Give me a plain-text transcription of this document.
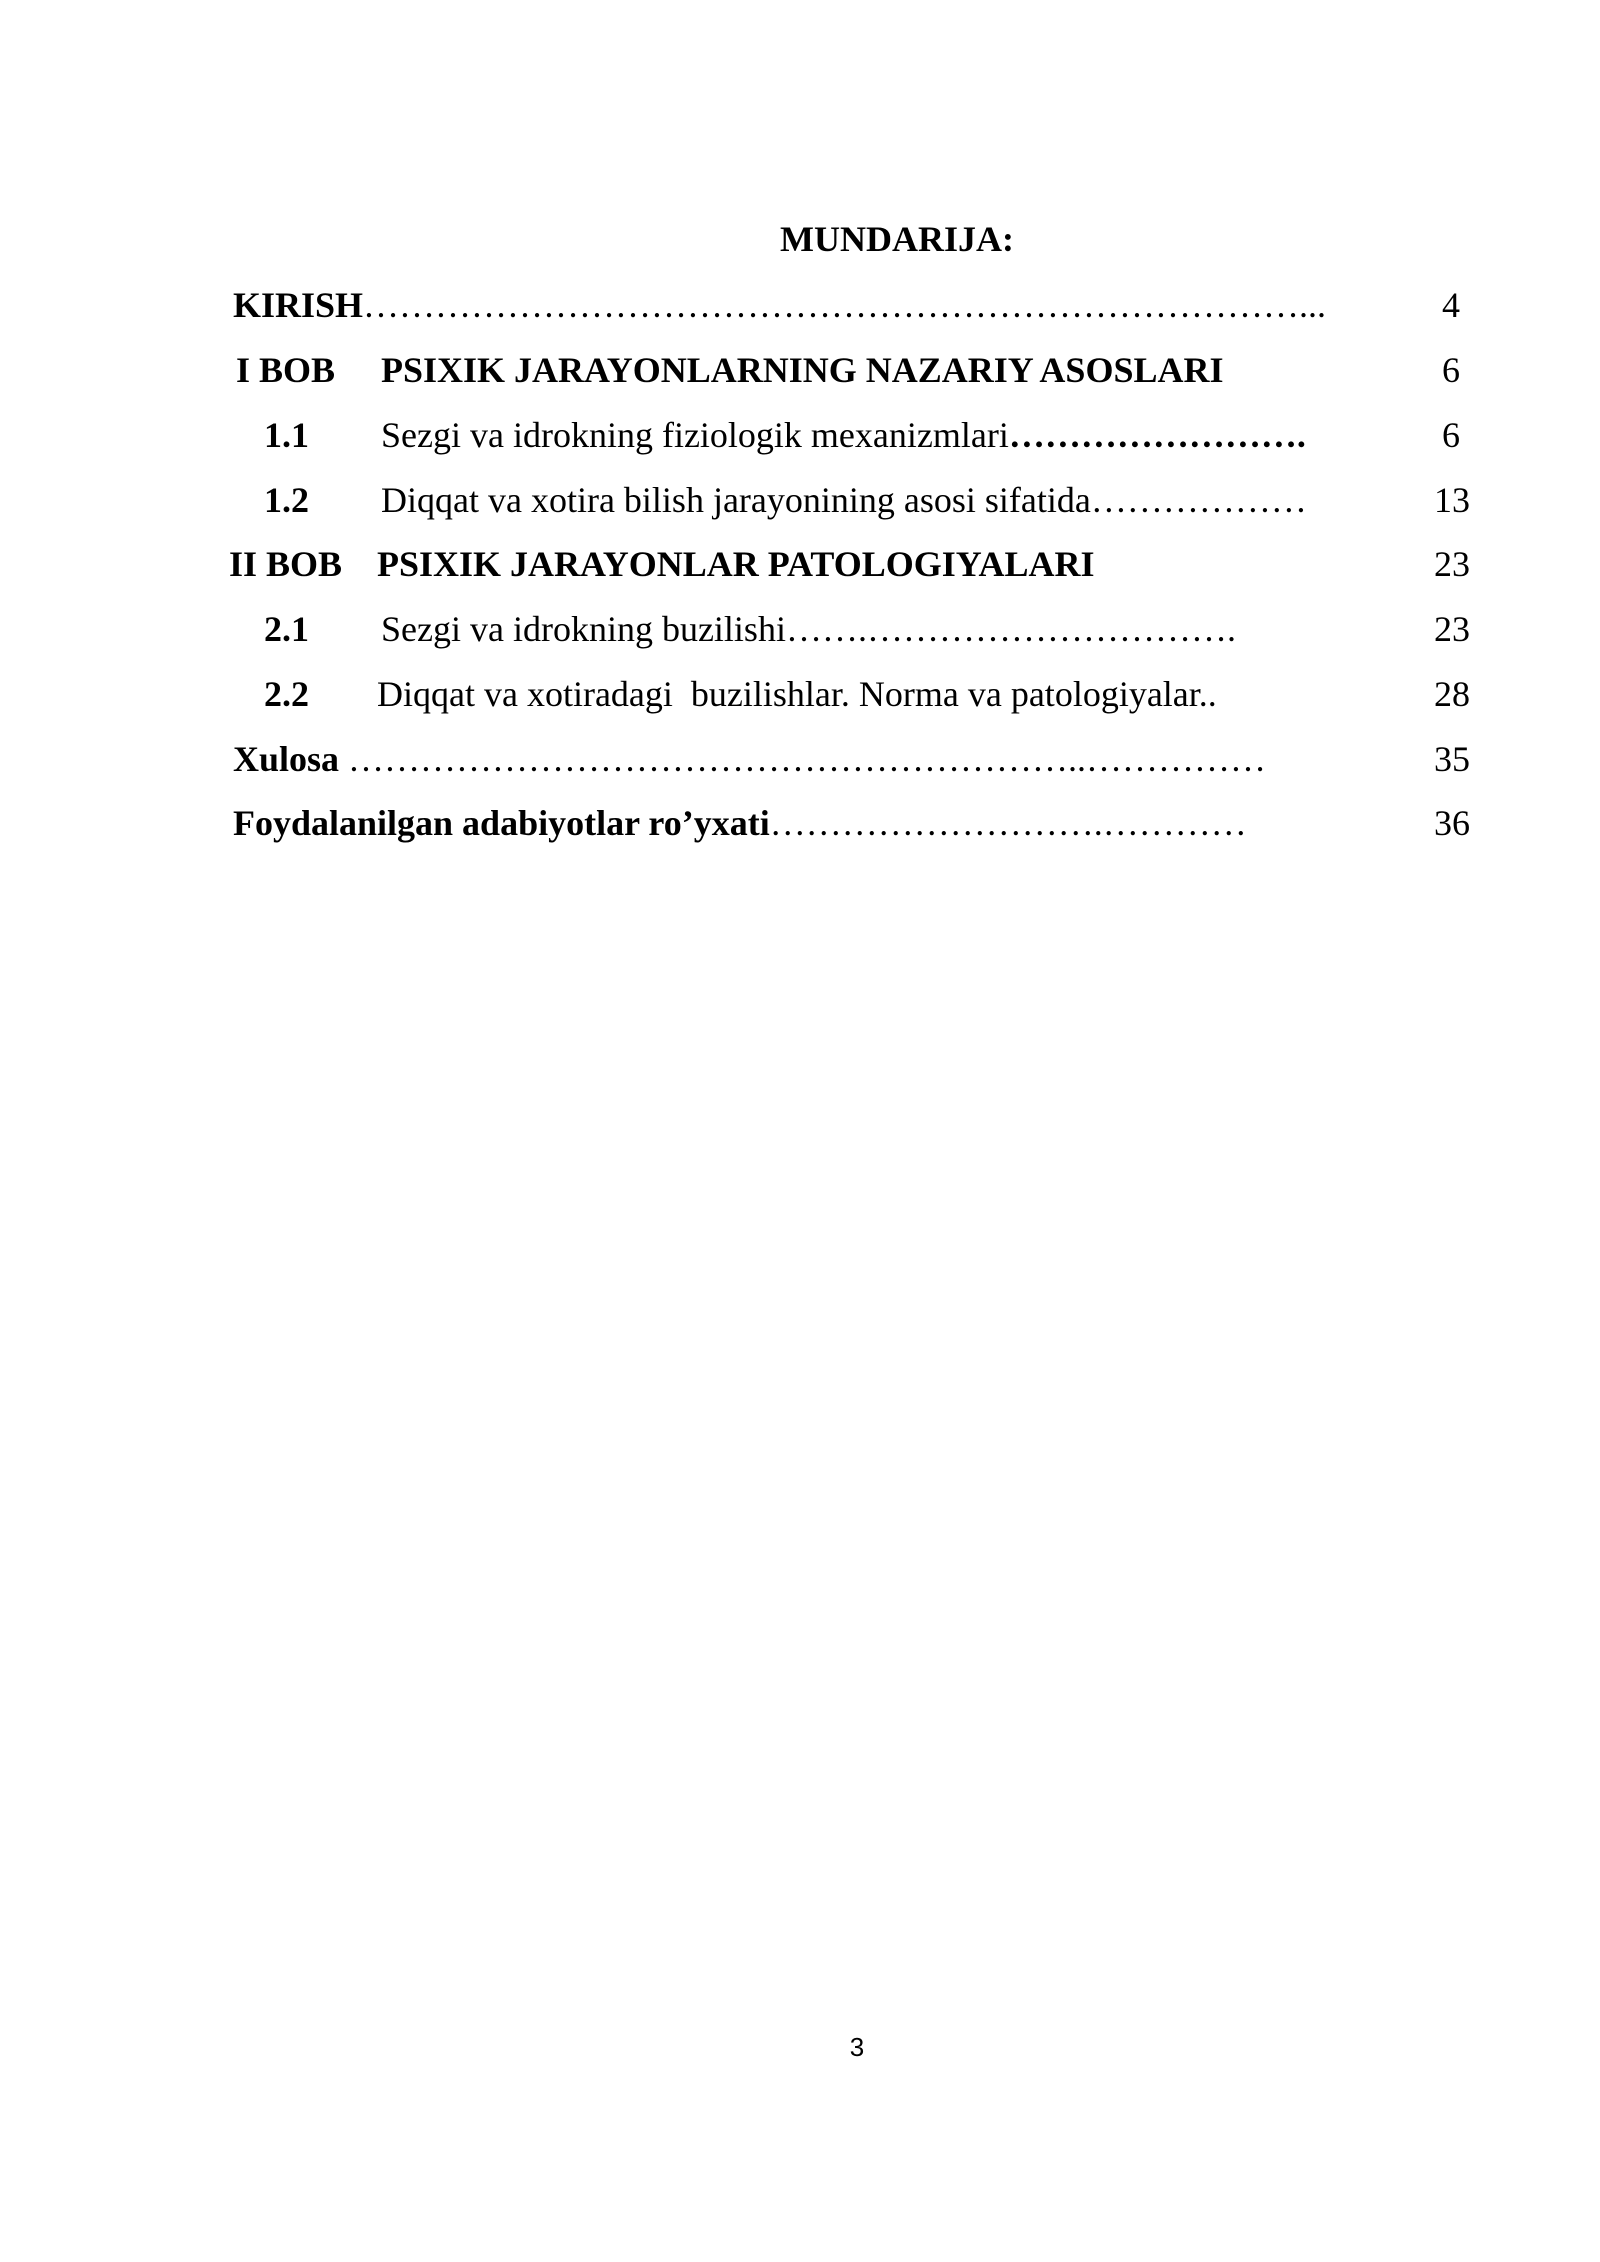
MUNDARIJA:
KIRISH……………………………………………………………………...	4
I BOB PSIXIK JARAYONLARNING NAZARIY ASOSLARI	6
1.1 Sezgi va idrokning fiziologik mexanizmlari…………………….	6
1.2 Diqqat va xotira bilish jarayonining asosi sifatida………………	13
II BOB PSIXIK JARAYONLAR PATOLOGIYALARI	23
2.1 Sezgi va idrokning buzilishi…….………………………….	23
2.2 Diqqat va xotiradagi  buzilishlar. Norma va patologiyalar..	28
Xulosa ……………………………………………………..……………	35
Foydalanilgan adabiyotlar ro’yxati……………………….…………	36
3
